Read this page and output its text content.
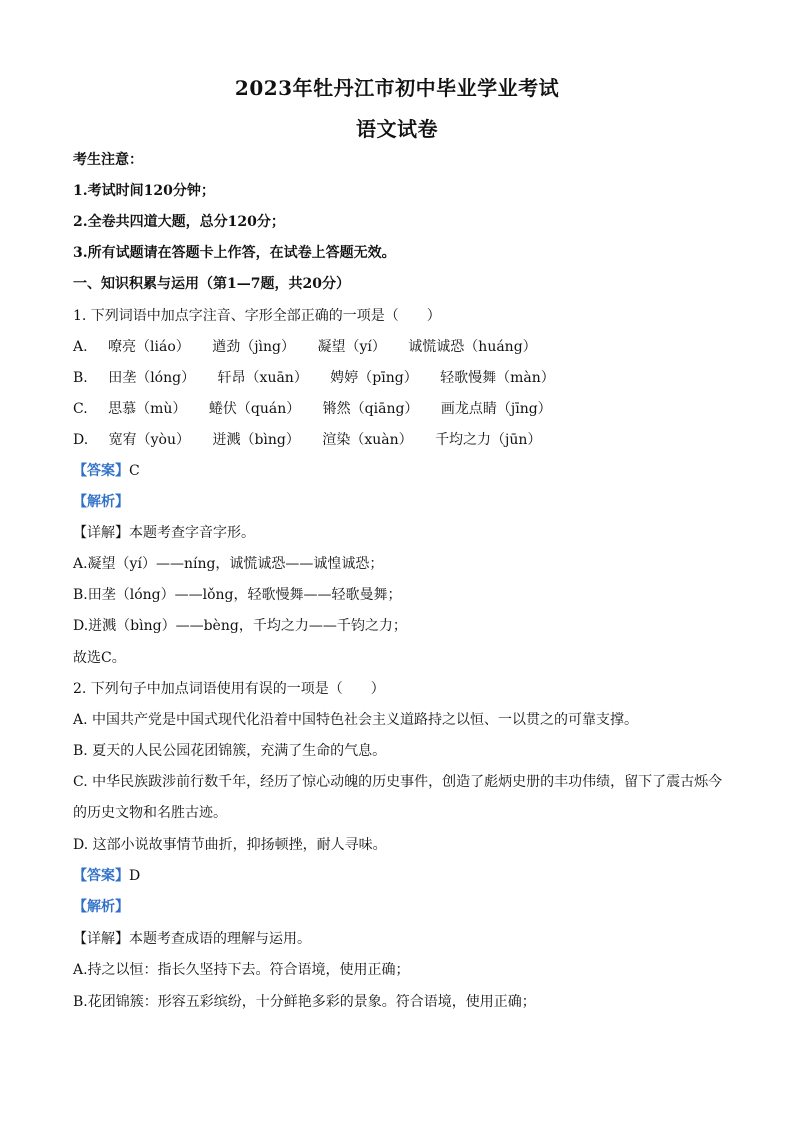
2023年牡丹江市初中毕业学业考试
语文试卷
考生注意：
1.考试时间120分钟；
2.全卷共四道大题，总分120分；
3.所有试题请在答题卡上作答，在试卷上答题无效。
一、知识积累与运用（第1—7题，共20分）
1. 下列词语中加点字注音、字形全部正确的一项是（　　）
A. 嘹亮（liáo） 遒劲（jìng） 凝望（yí） 诚慌诚恐（huáng）
B. 田垄（lóng） 轩昂（xuān） 娉婷（pīng） 轻歌慢舞（màn）
C. 思慕（mù） 蜷伏（quán） 锵然（qiāng） 画龙点睛（jīng）
D. 宽宥（yòu） 迸溅（bìng） 渲染（xuàn） 千均之力（jūn）
【答案】C
【解析】
【详解】本题考查字音字形。
A.凝望（yí）——níng，诚慌诚恐——诚惶诚恐；
B.田垄（lóng）——lǒng，轻歌慢舞——轻歌曼舞；
D.迸溅（bìng）——bèng，千均之力——千钧之力；
故选C。
2. 下列句子中加点词语使用有误的一项是（　　）
A. 中国共产党是中国式现代化沿着中国特色社会主义道路持之以恒、一以贯之的可靠支撑。
B. 夏天的人民公园花团锦簇，充满了生命的气息。
C. 中华民族跋涉前行数千年，经历了惊心动魄的历史事件，创造了彪炳史册的丰功伟绩，留下了震古烁今
的历史文物和名胜古迹。
D. 这部小说故事情节曲折，抑扬顿挫，耐人寻味。
【答案】D
【解析】
【详解】本题考查成语的理解与运用。
A.持之以恒：指长久坚持下去。符合语境，使用正确；
B.花团锦簇：形容五彩缤纷，十分鲜艳多彩的景象。符合语境，使用正确；
